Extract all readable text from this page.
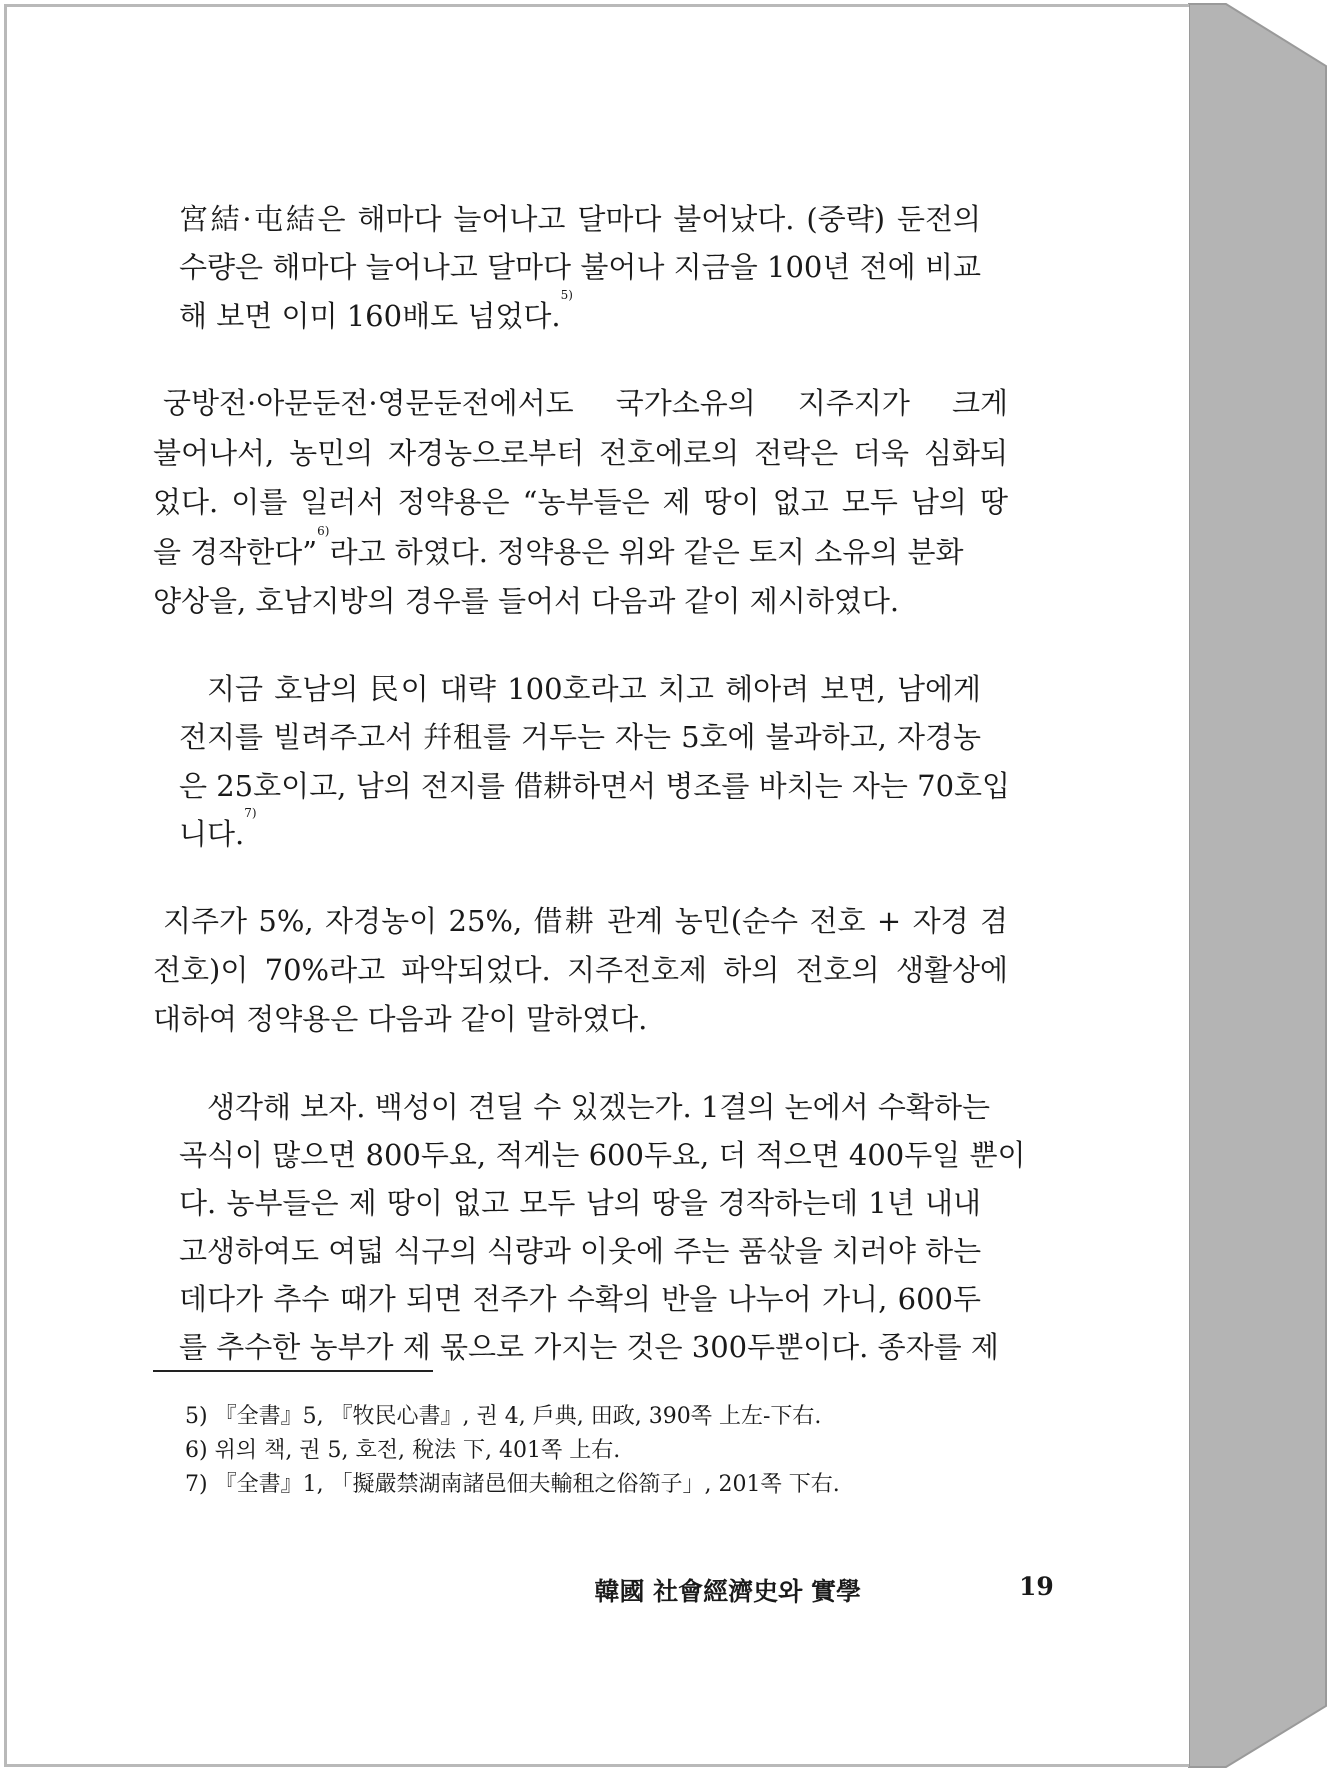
宮結·屯結은 해마다 늘어나고 달마다 불어났다. (중략) 둔전의
수량은 해마다 늘어나고 달마다 불어나 지금을 100년 전에 비교
해 보면 이미 160배도 넘었다.$^{5)}$
궁방전·아문둔전·영문둔전에서도 국가소유의 지주지가 크게
불어나서, 농민의 자경농으로부터 전호에로의 전락은 더욱 심화되
었다. 이를 일러서 정약용은 “농부들은 제 땅이 없고 모두 남의 땅
을 경작한다”$^{6)}$라고 하였다. 정약용은 위와 같은 토지 소유의 분화
양상을, 호남지방의 경우를 들어서 다음과 같이 제시하였다.
지금 호남의 民이 대략 100호라고 치고 헤아려 보면, 남에게
전지를 빌려주고서 幷租를 거두는 자는 5호에 불과하고, 자경농
은 25호이고, 남의 전지를 借耕하면서 병조를 바치는 자는 70호입
니다.$^{7)}$
지주가 5%, 자경농이 25%, 借耕 관계 농민(순수 전호 + 자경 겸
전호)이 70%라고 파악되었다. 지주전호제 하의 전호의 생활상에
대하여 정약용은 다음과 같이 말하였다.
생각해 보자. 백성이 견딜 수 있겠는가. 1결의 논에서 수확하는
곡식이 많으면 800두요, 적게는 600두요, 더 적으면 400두일 뿐이
다. 농부들은 제 땅이 없고 모두 남의 땅을 경작하는데 1년 내내
고생하여도 여덟 식구의 식량과 이웃에 주는 품삯을 치러야 하는
데다가 추수 때가 되면 전주가 수확의 반을 나누어 가니, 600두
를 추수한 농부가 제 몫으로 가지는 것은 300두뿐이다. 종자를 제
5) 『全書』5, 『牧民心書』, 권 4, 戶典, 田政, 390쪽 上左-下右.
6) 위의 책, 권 5, 호전, 稅法 下, 401쪽 上右.
7) 『全書』1, 「擬嚴禁湖南諸邑佃夫輸租之俗箚子」, 201쪽 下右.
韓國 社會經濟史와 實學	19
